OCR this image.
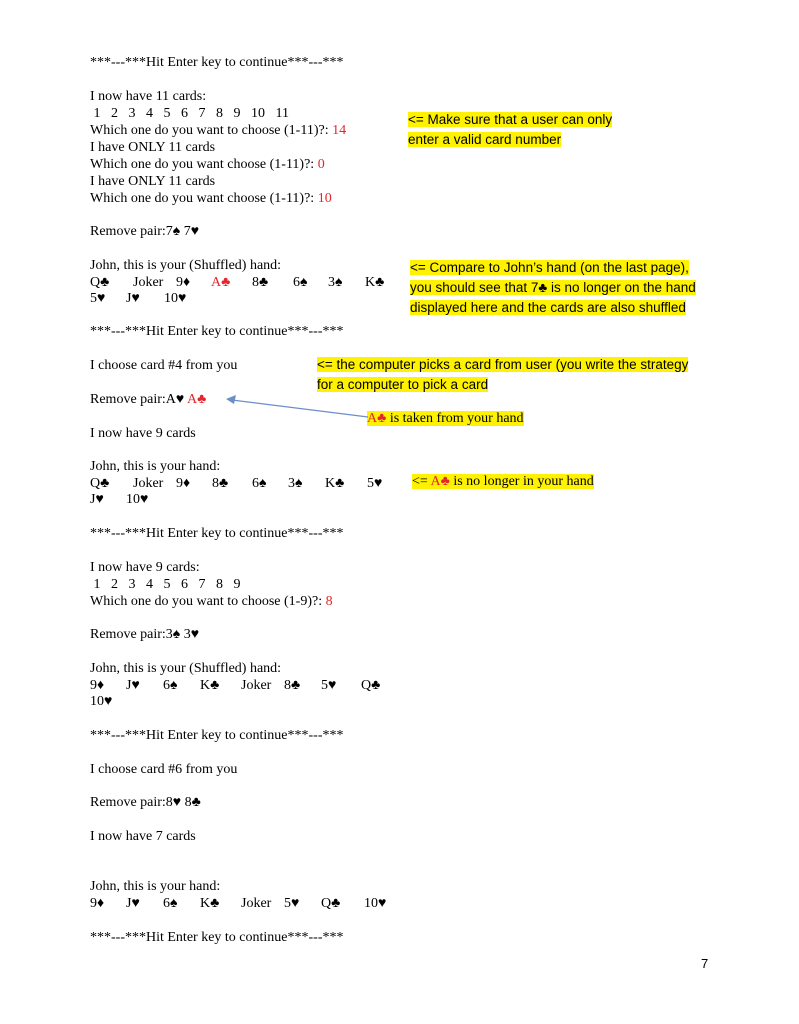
***---***Hit Enter key to continue***---***
I now have 11 cards:
1   2   3   4   5   6   7   8   9   10   11
Which one do you want to choose (1-11)?: 14
I have ONLY 11 cards
Which one do you want choose (1-11)?: 0
I have ONLY 11 cards
Which one do you want choose (1-11)?: 10
Remove pair:7♠ 7♥
John, this is your (Shuffled) hand:
Q♣ Joker 9♦ A♣ 8♣ 6♠ 3♠ K♣
5♥ J♥ 10♥
***---***Hit Enter key to continue***---***
I choose card #4 from you
Remove pair:A♥ A♣
I now have 9 cards
John, this is your hand:
Q♣ Joker 9♦ 8♣ 6♠ 3♠ K♣ 5♥
J♥ 10♥
***---***Hit Enter key to continue***---***
I now have 9 cards:
1   2   3   4   5   6   7   8   9
Which one do you want to choose (1-9)?: 8
Remove pair:3♠ 3♥
John, this is your (Shuffled) hand:
9♦ J♥ 6♠ K♣ Joker 8♣ 5♥ Q♣
10♥
***---***Hit Enter key to continue***---***
I choose card #6 from you
Remove pair:8♥ 8♣
I now have 7 cards
John, this is your hand:
9♦ J♥ 6♠ K♣ Joker 5♥ Q♣ 10♥
***---***Hit Enter key to continue***---***
<= Make sure that a user can only
enter a valid card number
<= Compare to John’s hand (on the last page),
you should see that 7♣ is no longer on the hand
displayed here and the cards are also shuffled
<= the computer picks a card from user (you write the strategy
for a computer to pick a card
A♣ is taken from your hand
<= A♣ is no longer in your hand
7
